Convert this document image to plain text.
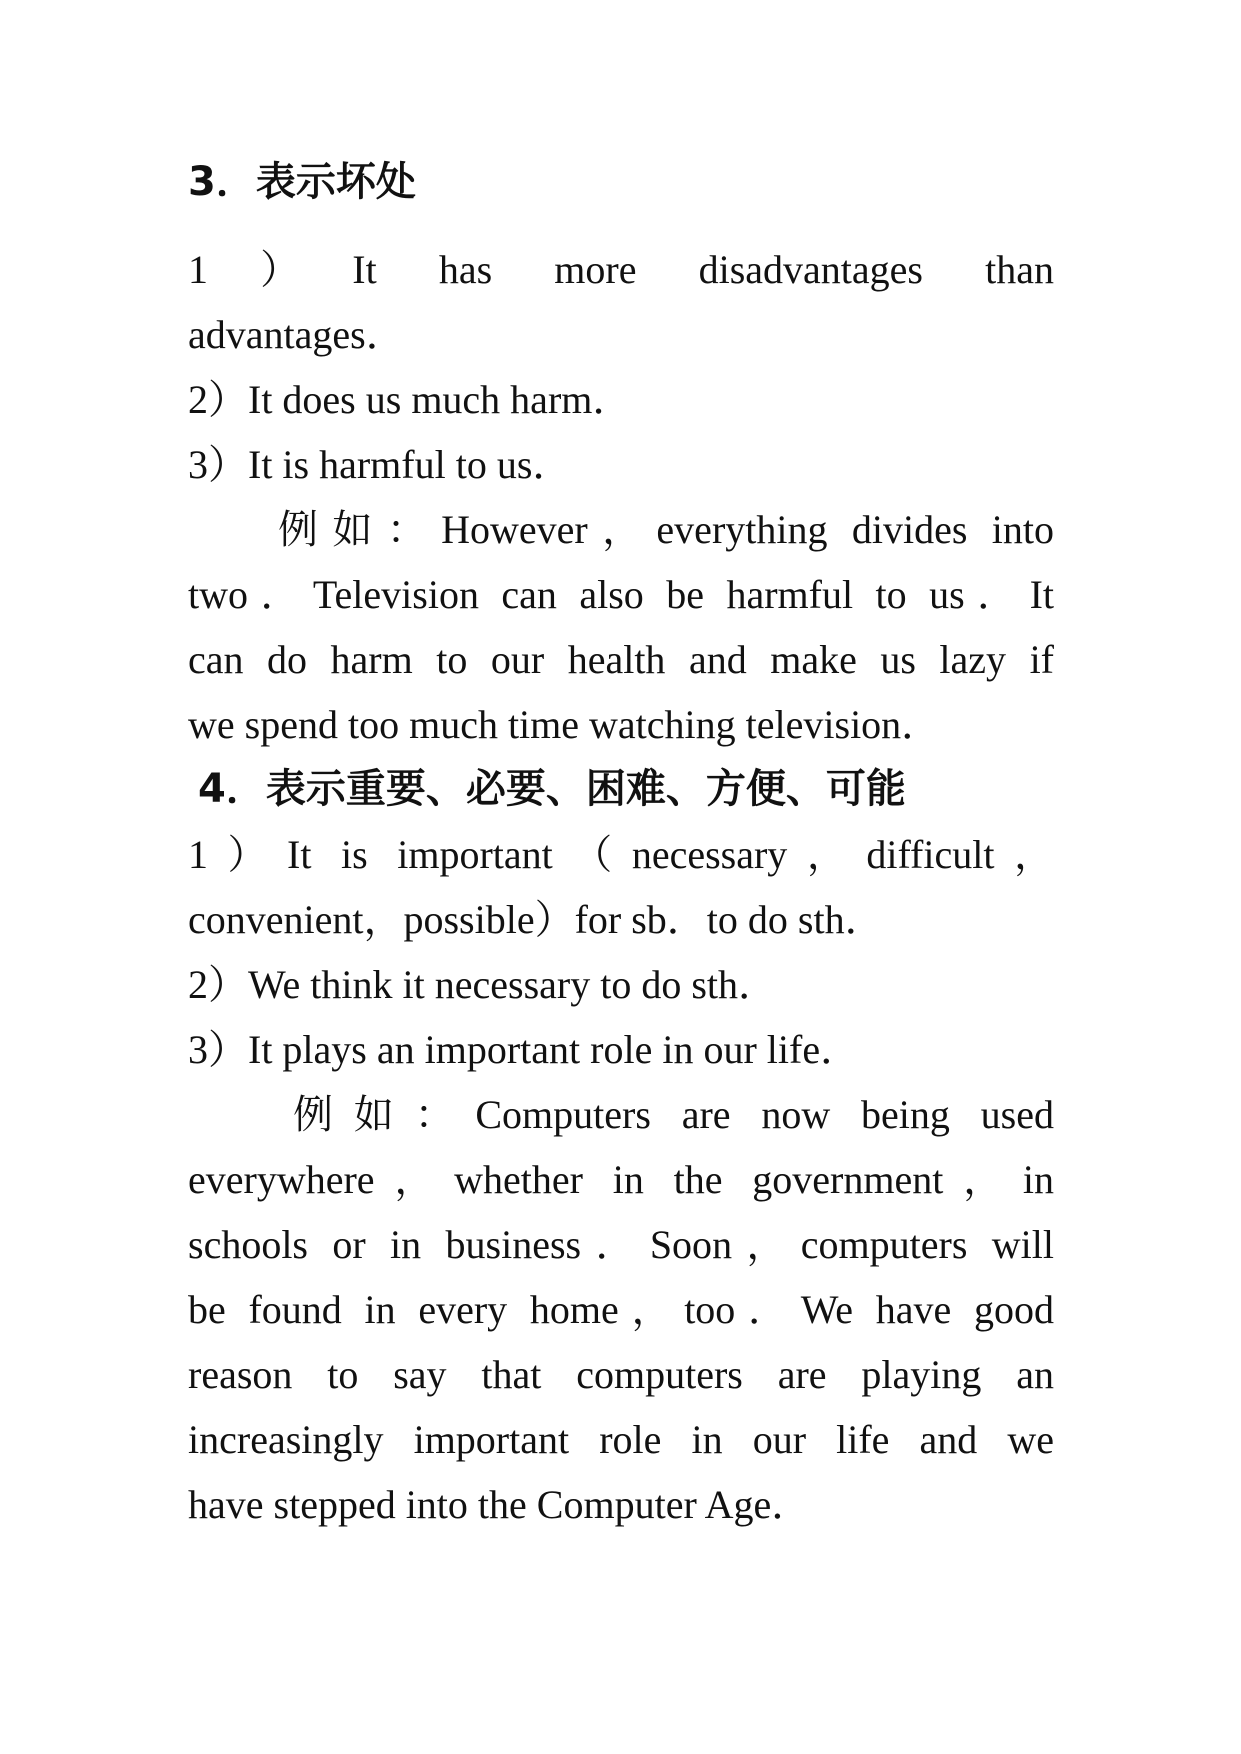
3．表示坏处

1）It has more disadvantages than

advantages．

2）It does us much harm．

3）It is harmful to us．

例如：However，everything divides into

two．Television can also be harmful to us．It

can do harm to our health and make us lazy if

we spend too much time watching television．

4．表示重要、必要、困难、方便、可能

1）It is important（necessary，difficult，

convenient，possible）for sb．to do sth．

2）We think it necessary to do sth．

3）It plays an important role in our life．

例如：Computers are now being used

everywhere，whether in the government，in

schools or in business．Soon，computers will

be found in every home，too．We have good

reason to say that computers are playing an

increasingly important role in our life and we

have stepped into the Computer Age．
